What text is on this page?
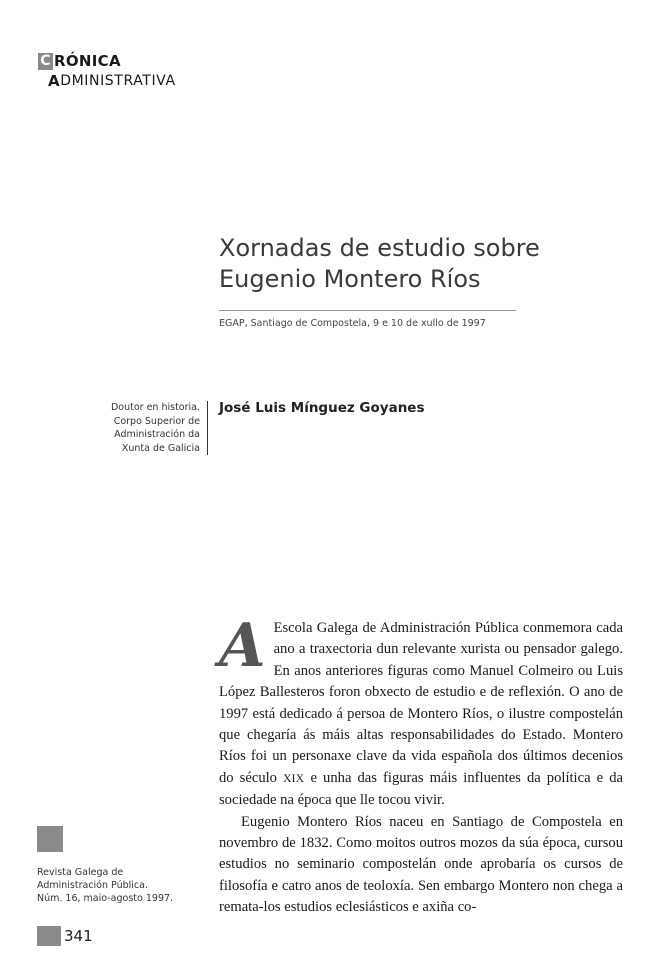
C RÓNICA
A DMINISTRATIVA
Xornadas de estudio sobre
Eugenio Montero Ríos
EGAP, Santiago de Compostela, 9 e 10 de xullo de 1997
Doutor en historia.
Corpo Superior de
Administración da
Xunta de Galicia
José Luis Mínguez Goyanes

A Escola Galega de Administración Pública conmemora cada ano a traxectoria dun relevante xurista ou pensador galego. En anos anteriores figuras como Manuel Colmeiro ou Luis López Ballesteros foron obxecto de estudio e de reflexión. O ano de 1997 está dedicado á persoa de Montero Ríos, o ilustre compostelán que chegaría ás máis altas responsabilidades do Estado. Montero Ríos foi un personaxe clave da vida española dos últimos decenios do século XIX e unha das figuras máis influentes da política e da sociedade na época que lle tocou vivir.

Eugenio Montero Ríos naceu en Santiago de Compostela en novembro de 1832. Como moitos outros mozos da súa época, cursou estudios no seminario compostelán onde aprobaría os cursos de filosofía e catro anos de teoloxía. Sen embargo Montero non chega a remata-los estudios eclesiásticos e axiña co-

Revista Galega de
Administración Pública.
Núm. 16, maio-agosto 1997.
341
